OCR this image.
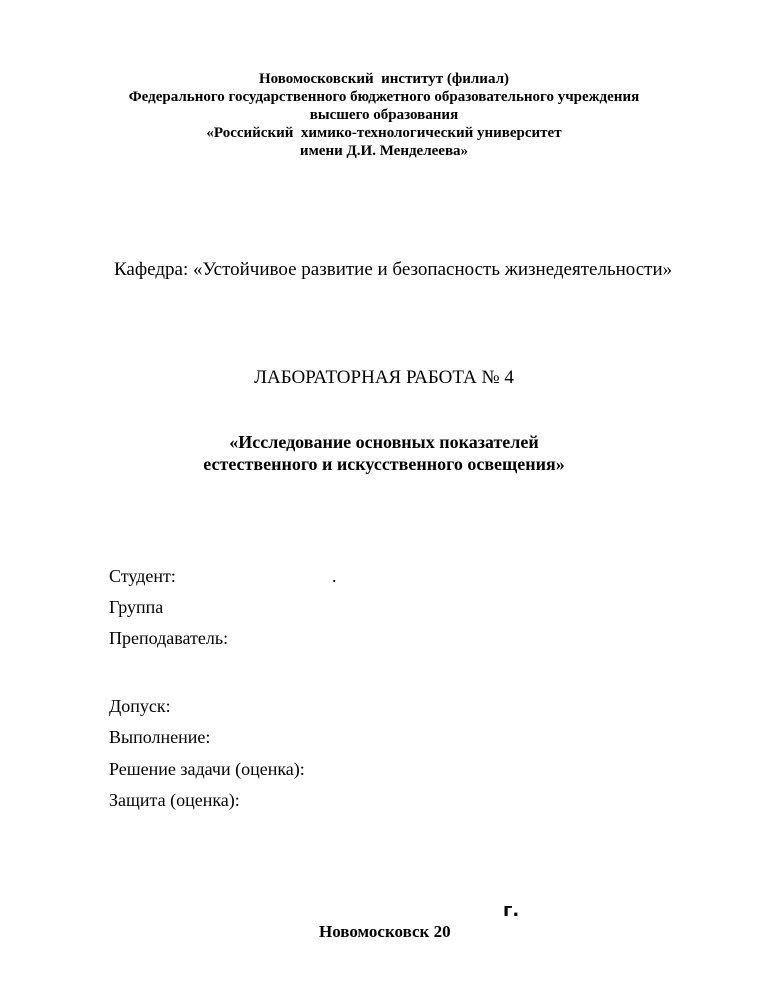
Новомосковский  институт (филиал)
Федерального государственного бюджетного образовательного учреждения
высшего образования
«Российский  химико-технологический университет
имени Д.И. Менделеева»
Кафедра: «Устойчивое развитие и безопасность жизнедеятельности»
ЛАБОРАТОРНАЯ РАБОТА № 4
«Исследование основных показателей
естественного и искусственного освещения»
Студент:	.
Группа
Преподаватель:
Допуск:
Выполнение:
Решение задачи (оценка):
Защита (оценка):

Новомосковск 20

г.
